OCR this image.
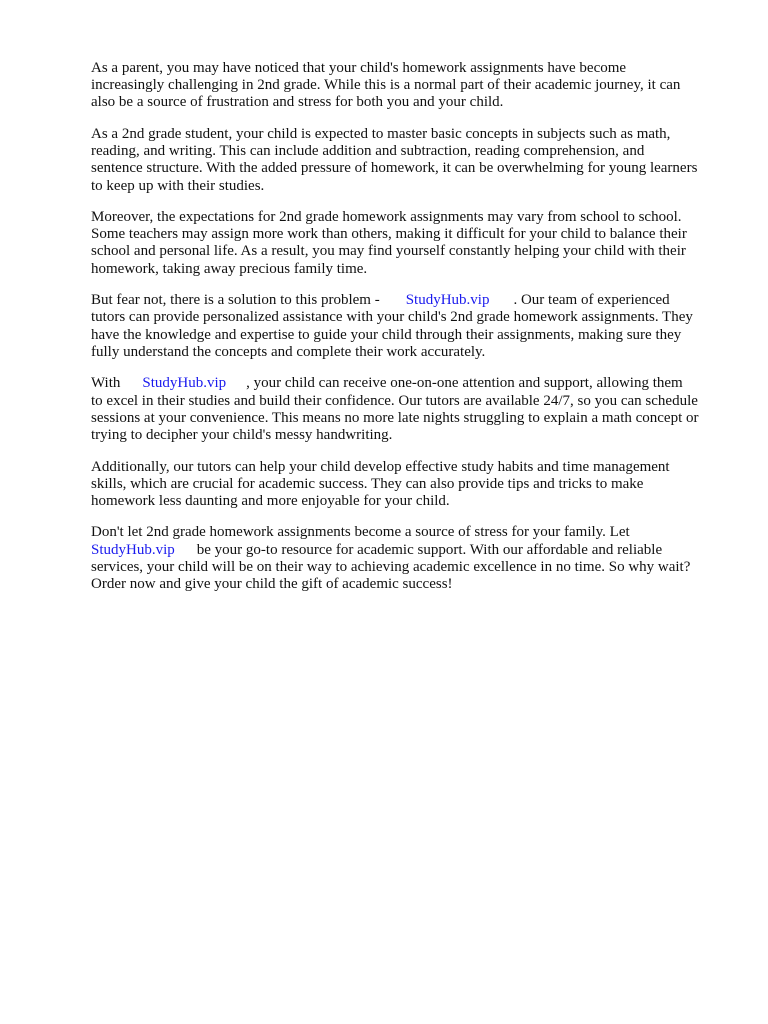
As a parent, you may have noticed that your child's homework assignments have become
increasingly challenging in 2nd grade. While this is a normal part of their academic journey, it can
also be a source of frustration and stress for both you and your child.

As a 2nd grade student, your child is expected to master basic concepts in subjects such as math,
reading, and writing. This can include addition and subtraction, reading comprehension, and
sentence structure. With the added pressure of homework, it can be overwhelming for young learners
to keep up with their studies.

Moreover, the expectations for 2nd grade homework assignments may vary from school to school.
Some teachers may assign more work than others, making it difficult for your child to balance their
school and personal life. As a result, you may find yourself constantly helping your child with their
homework, taking away precious family time.

But fear not, there is a solution to this problem - StudyHub.vip . Our team of experienced
tutors can provide personalized assistance with your child's 2nd grade homework assignments. They
have the knowledge and expertise to guide your child through their assignments, making sure they
fully understand the concepts and complete their work accurately.

With StudyHub.vip , your child can receive one-on-one attention and support, allowing them
to excel in their studies and build their confidence. Our tutors are available 24/7, so you can schedule
sessions at your convenience. This means no more late nights struggling to explain a math concept or
trying to decipher your child's messy handwriting.

Additionally, our tutors can help your child develop effective study habits and time management
skills, which are crucial for academic success. They can also provide tips and tricks to make
homework less daunting and more enjoyable for your child.

Don't let 2nd grade homework assignments become a source of stress for your family. Let
StudyHub.vip be your go-to resource for academic support. With our affordable and reliable
services, your child will be on their way to achieving academic excellence in no time. So why wait?
Order now and give your child the gift of academic success!
